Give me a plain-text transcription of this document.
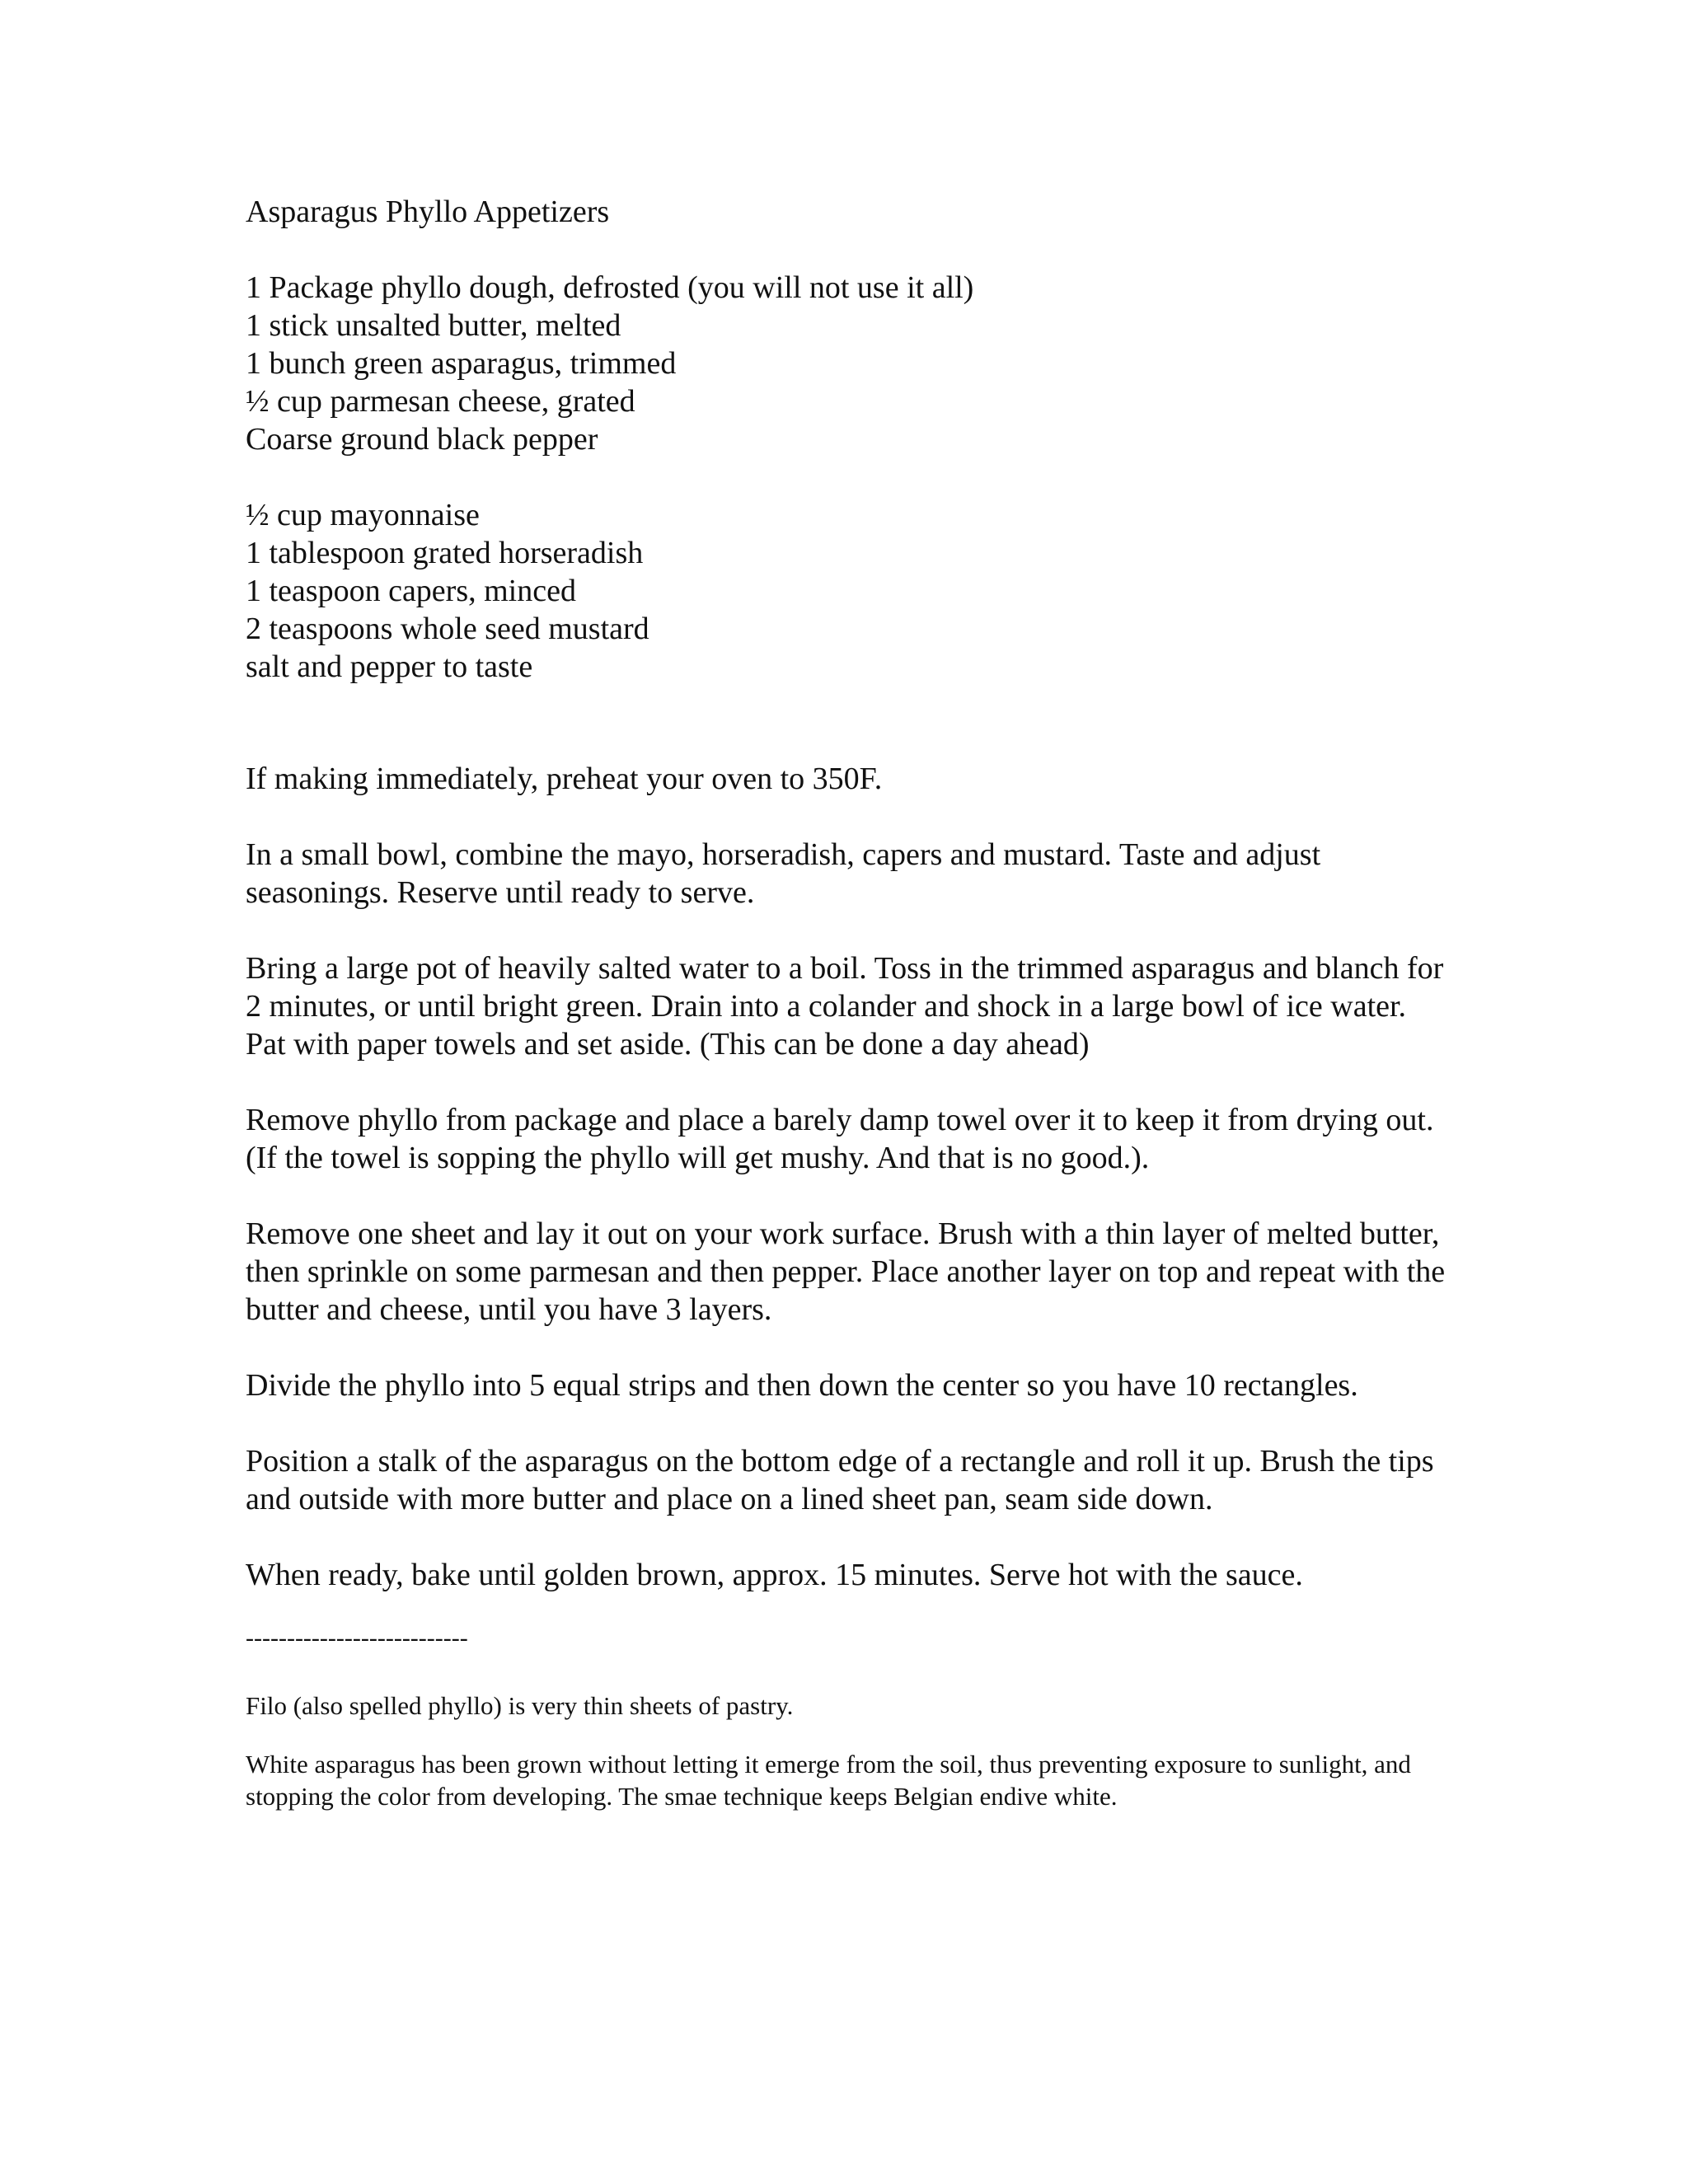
Asparagus Phyllo Appetizers
1 Package phyllo dough, defrosted (you will not use it all)
1 stick unsalted butter, melted
1 bunch green asparagus, trimmed
½ cup parmesan cheese, grated
Coarse ground black pepper
½ cup mayonnaise
1 tablespoon grated horseradish
1 teaspoon capers, minced
2 teaspoons whole seed mustard
salt and pepper to taste

If making immediately, preheat your oven to 350F.

In a small bowl, combine the mayo, horseradish, capers and mustard. Taste and adjust seasonings. Reserve until ready to serve.

Bring a large pot of heavily salted water to a boil. Toss in the trimmed asparagus and blanch for 2 minutes, or until bright green. Drain into a colander and shock in a large bowl of ice water. Pat with paper towels and set aside. (This can be done a day ahead)

Remove phyllo from package and place a barely damp towel over it to keep it from drying out. (If the towel is sopping the phyllo will get mushy. And that is no good.).

Remove one sheet and lay it out on your work surface. Brush with a thin layer of melted butter, then sprinkle on some parmesan and then pepper. Place another layer on top and repeat with the butter and cheese, until you have 3 layers.

Divide the phyllo into 5 equal strips and then down the center so you have 10 rectangles.

Position a stalk of the asparagus on the bottom edge of a rectangle and roll it up. Brush the tips and outside with more butter and place on a lined sheet pan, seam side down.

When ready, bake until golden brown, approx. 15 minutes. Serve hot with the sauce.

---------------------------

Filo (also spelled phyllo) is very thin sheets of pastry.

White asparagus has been grown without letting it emerge from the soil, thus preventing exposure to sunlight, and stopping the color from developing. The smae technique keeps Belgian endive white.
